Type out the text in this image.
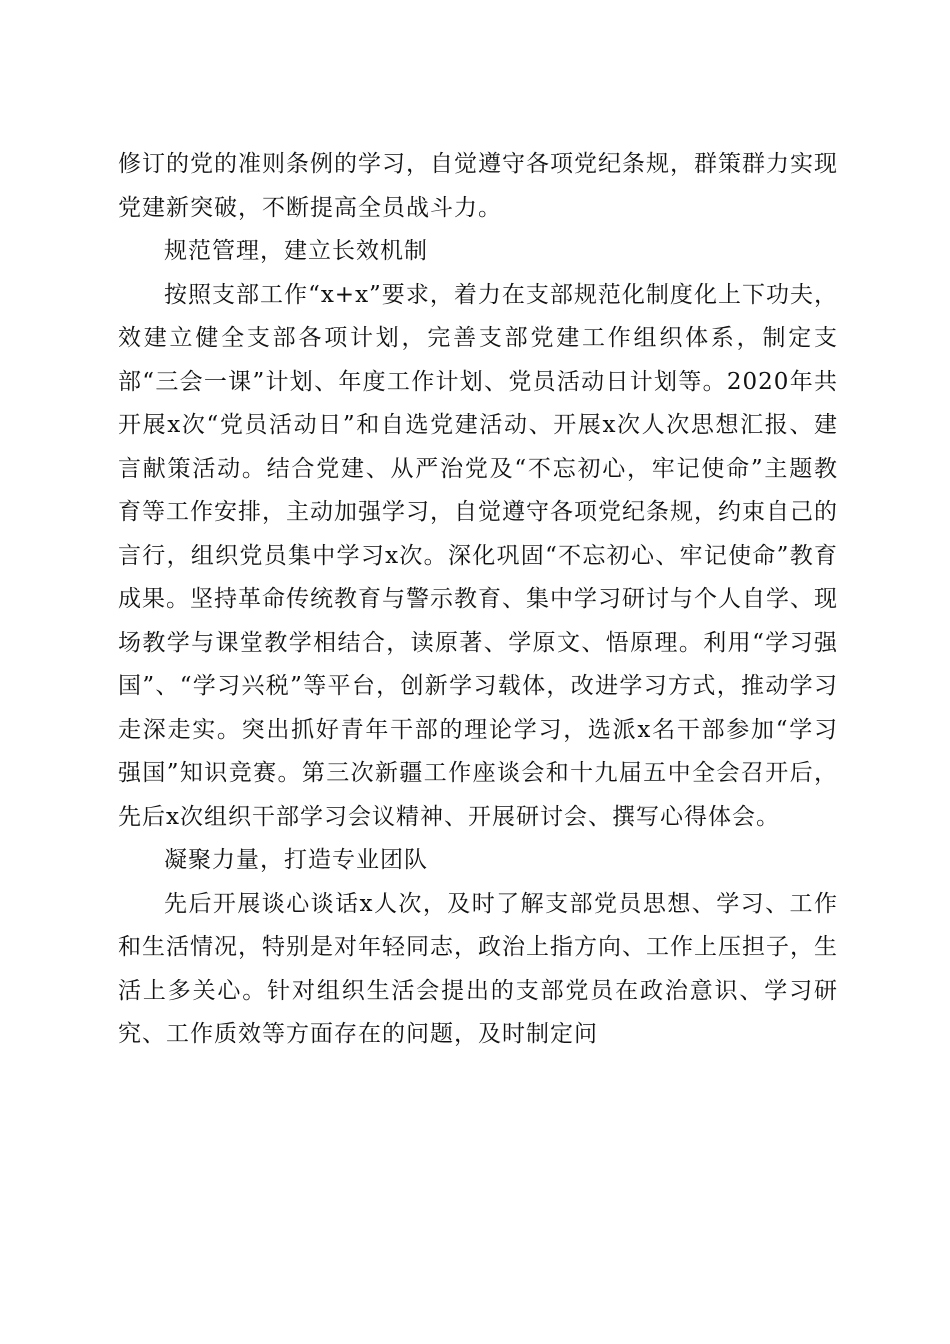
修订的党的准则条例的学习，自觉遵守各项党纪条规，群策群力实现党建新突破，不断提高全员战斗力。

规范管理，建立长效机制

按照支部工作“x+x”要求，着力在支部规范化制度化上下功夫，效建立健全支部各项计划，完善支部党建工作组织体系，制定支部“三会一课”计划、年度工作计划、党员活动日计划等。2020年共开展x次“党员活动日”和自选党建活动、开展x次人次思想汇报、建言献策活动。结合党建、从严治党及“不忘初心，牢记使命”主题教育等工作安排，主动加强学习，自觉遵守各项党纪条规，约束自己的言行，组织党员集中学习x次。深化巩固“不忘初心、牢记使命”教育成果。坚持革命传统教育与警示教育、集中学习研讨与个人自学、现场教学与课堂教学相结合，读原著、学原文、悟原理。利用“学习强国”、“学习兴税”等平台，创新学习载体，改进学习方式，推动学习走深走实。突出抓好青年干部的理论学习，选派x名干部参加“学习强国”知识竞赛。第三次新疆工作座谈会和十九届五中全会召开后，先后x次组织干部学习会议精神、开展研讨会、撰写心得体会。

凝聚力量，打造专业团队

先后开展谈心谈话x人次，及时了解支部党员思想、学习、工作和生活情况，特别是对年轻同志，政治上指方向、工作上压担子，生活上多关心。针对组织生活会提出的支部党员在政治意识、学习研究、工作质效等方面存在的问题，及时制定问
